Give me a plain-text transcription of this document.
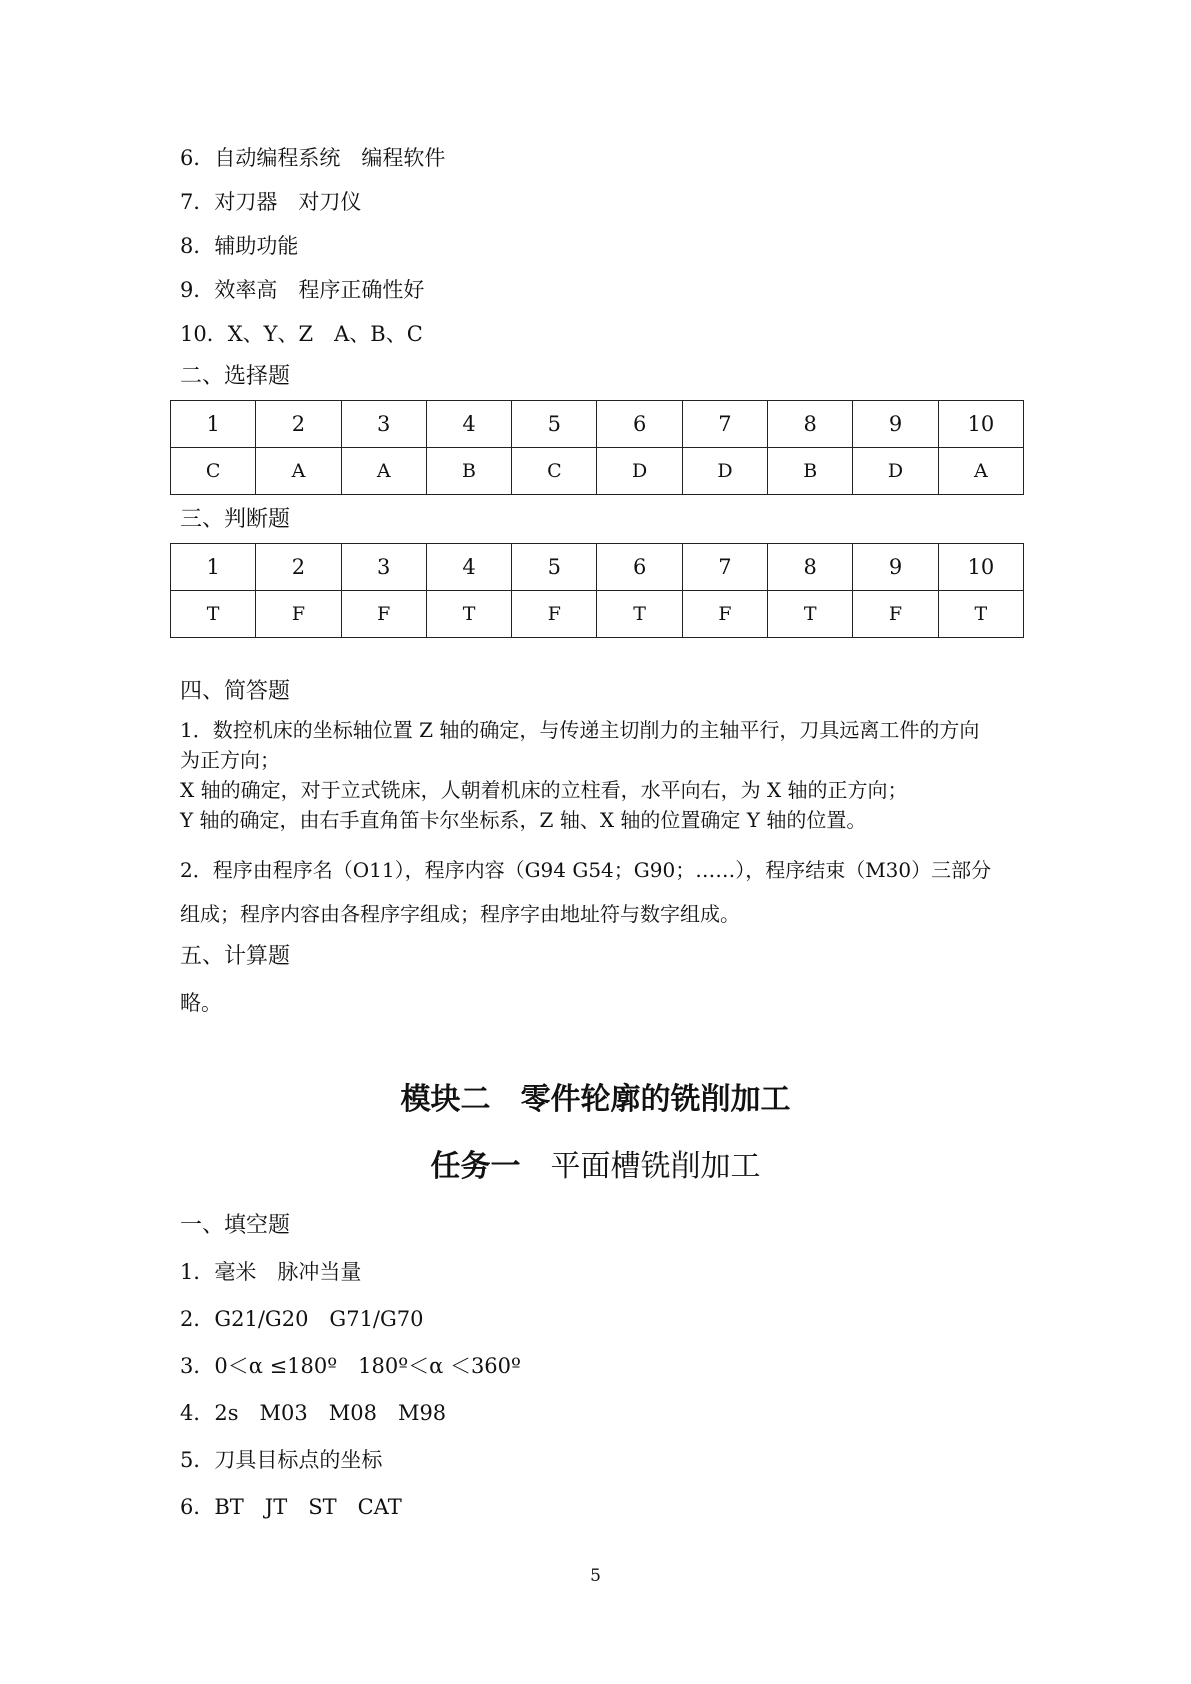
6．自动编程系统　编程软件
7．对刀器　对刀仪
8．辅助功能
9．效率高　程序正确性好
10．X、Y、Z　A、B、C
二、选择题
1	2	3	4	5	6	7	8	9	10
C	A	A	B	C	D	D	B	D	A
三、判断题
1	2	3	4	5	6	7	8	9	10
T	F	F	T	F	T	F	T	F	T
四、简答题
1．数控机床的坐标轴位置 Z 轴的确定，与传递主切削力的主轴平行，刀具远离工件的方向
为正方向；
X 轴的确定，对于立式铣床，人朝着机床的立柱看，水平向右，为 X 轴的正方向；
Y 轴的确定，由右手直角笛卡尔坐标系，Z 轴、X 轴的位置确定 Y 轴的位置。
2．程序由程序名（O11），程序内容（G94 G54；G90；……），程序结束（M30）三部分
组成；程序内容由各程序字组成；程序字由地址符与数字组成。
五、计算题
略。
模块二　零件轮廓的铣削加工
任务一　平面槽铣削加工
一、填空题
1．毫米　脉冲当量
2．G21/G20　G71/G70
3．0＜α ≤180º　180º＜α ＜360º
4．2s　M03　M08　M98
5．刀具目标点的坐标
6．BT　JT　ST　CAT
5
